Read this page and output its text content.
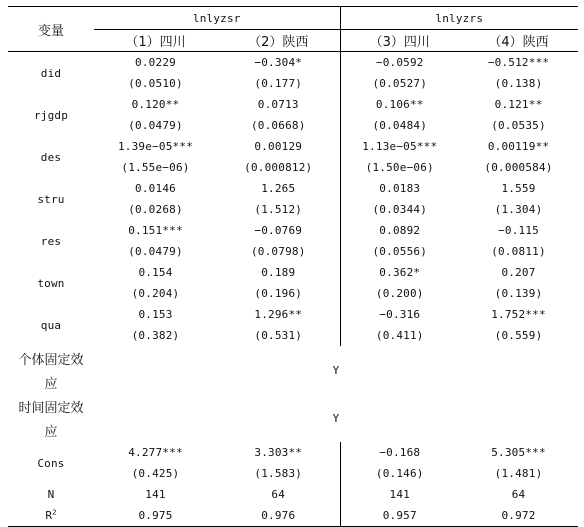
变量	lnlyzsr		lnlyzrs	
	（1）四川	（2）陕西	（3）四川	（4）陕西
did	0.0229	−0.304*	−0.0592	−0.512***
	(0.0510)	(0.177)	(0.0527)	(0.138)
rjgdp	0.120**	0.0713	0.106**	0.121**
	(0.0479)	(0.0668)	(0.0484)	(0.0535)
des	1.39e−05***	0.00129	1.13e−05***	0.00119**
	(1.55e−06)	(0.000812)	(1.50e−06)	(0.000584)
stru	0.0146	1.265	0.0183	1.559
	(0.0268)	(1.512)	(0.0344)	(1.304)
res	0.151***	−0.0769	0.0892	−0.115
	(0.0479)	(0.0798)	(0.0556)	(0.0811)
town	0.154	0.189	0.362*	0.207
	(0.204)	(0.196)	(0.200)	(0.139)
qua	0.153	1.296**	−0.316	1.752***
	(0.382)	(0.531)	(0.411)	(0.559)
个体固定效	Y			
应				
时间固定效	Y			
应				
Cons	4.277***	3.303**	−0.168	5.305***
	(0.425)	(1.583)	(0.146)	(1.481)
N	141	64	141	64
$R^2$	0.975	0.976	0.957	0.972
